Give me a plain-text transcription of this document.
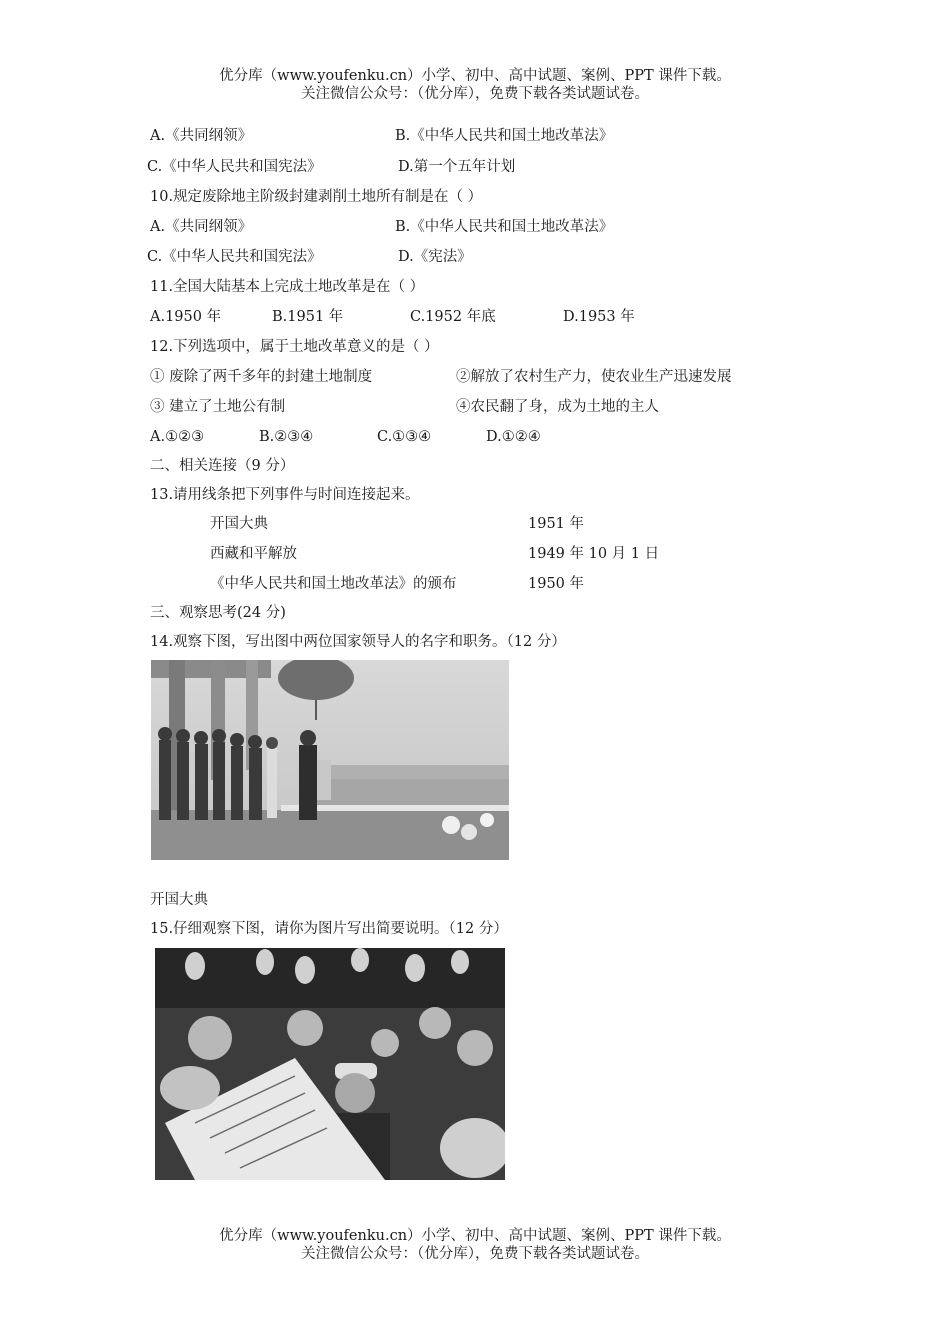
优分库（www.youfenku.cn）小学、初中、高中试题、案例、PPT 课件下载。
关注微信公众号：（优分库），免费下载各类试题试卷。
A.《共同纲领》	B.《中华人民共和国土地改革法》
C.《中华人民共和国宪法》	D.第一个五年计划
10.规定废除地主阶级封建剥削土地所有制是在（ ）
A.《共同纲领》	B.《中华人民共和国土地改革法》
C.《中华人民共和国宪法》	D.《宪法》
11.全国大陆基本上完成土地改革是在（ ）
A.1950 年	B.1951 年	C.1952 年底	D.1953 年
12.下列选项中，属于土地改革意义的是（ ）
① 废除了两千多年的封建土地制度	②解放了农村生产力，使农业生产迅速发展
③ 建立了土地公有制	④农民翻了身，成为土地的主人
A.①②③	B.②③④	C.①③④	D.①②④
二、相关连接（9 分）
13.请用线条把下列事件与时间连接起来。
开国大典	1951 年
西藏和平解放	1949 年 10 月 1 日
《中华人民共和国土地改革法》的颁布	1950 年
三、观察思考(24 分)
14.观察下图，写出图中两位国家领导人的名字和职务。（12 分）
开国大典
15.仔细观察下图，请你为图片写出简要说明。（12 分）
优分库（www.youfenku.cn）小学、初中、高中试题、案例、PPT 课件下载。
关注微信公众号：（优分库），免费下载各类试题试卷。
